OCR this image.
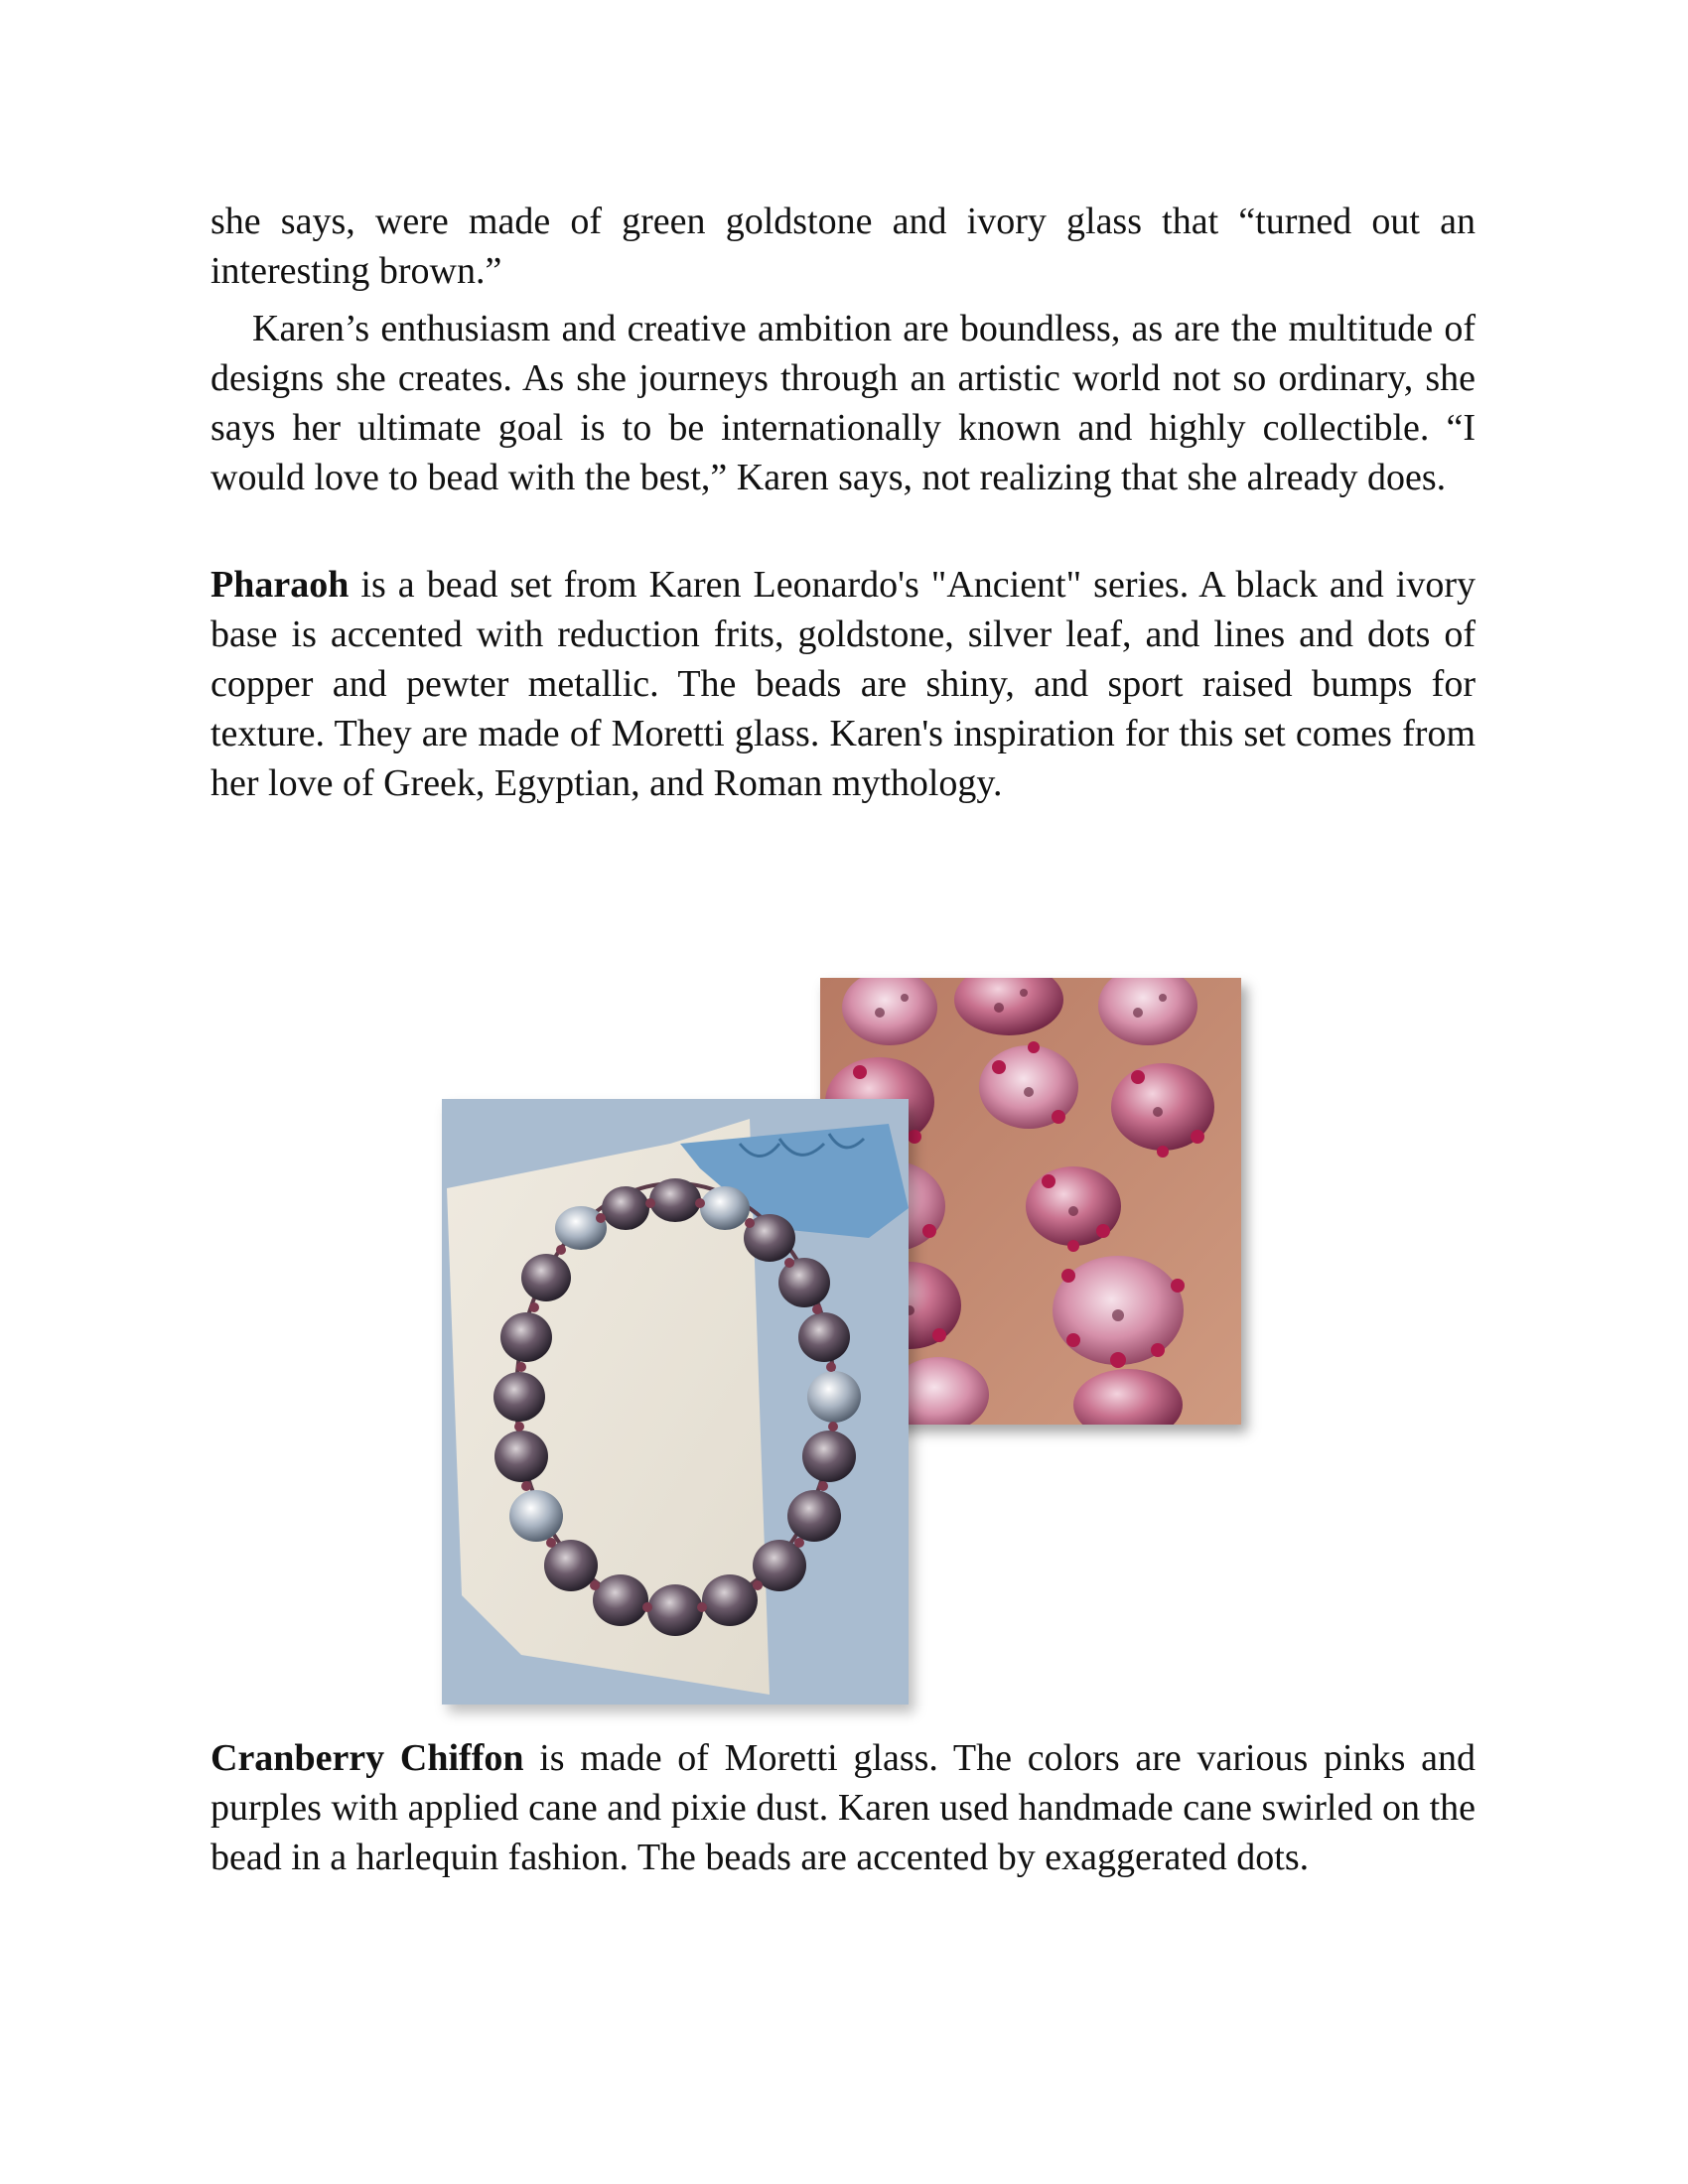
she says, were made of green goldstone and ivory glass that “turned out an interesting brown.”

Karen’s enthusiasm and creative ambition are boundless, as are the multitude of designs she creates. As she journeys through an artistic world not so ordinary, she says her ultimate goal is to be internationally known and highly collectible. “I would love to bead with the best,” Karen says, not realizing that she already does.

Pharaoh is a bead set from Karen Leonardo's "Ancient" series. A black and ivory base is accented with reduction frits, goldstone, silver leaf, and lines and dots of copper and pewter metallic. The beads are shiny, and sport raised bumps for texture. They are made of Moretti glass. Karen's inspiration for this set comes from her love of Greek, Egyptian, and Roman mythology.

Cranberry Chiffon is made of Moretti glass. The colors are various pinks and purples with applied cane and pixie dust. Karen used handmade cane swirled on the bead in a harlequin fashion. The beads are accented by exaggerated dots.
